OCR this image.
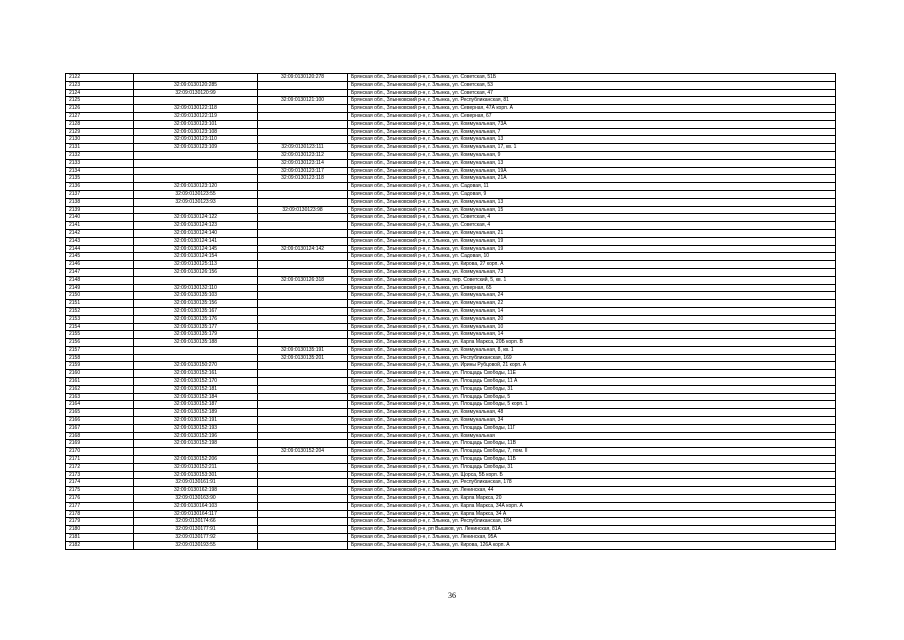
2122		32:09:0130120:278	Брянская обл., Злынковский р-н, г. Злынка, ул. Советская, 51Б
2123	32:09:0130120:285		Брянская обл., Злынковский р-н, г. Злынка, ул. Советская, 53
2124	32:09:0130120:99		Брянская обл., Злынковский р-н, г. Злынка, ул. Советская, 47
2125		32:09:0130121:100	Брянская обл., Злынковский р-н, г. Злынка, ул. Республиканская, 81
2126	32:09:0130122:118		Брянская обл., Злынковский р-н, г. Злынка, ул. Северная, 47А корп. А
2127	32:09:0130122:119		Брянская обл., Злынковский р-н, г. Злынка, ул. Северная, 67
2128	32:09:0130123:101		Брянская обл., Злынковский р-н, г. Злынка, ул. Коммунальная, 73А
2129	32:09:0130123:108		Брянская обл., Злынковский р-н, г. Злынка, ул. Коммунальная, 7
2130	32:09:0130123:110		Брянская обл., Злынковский р-н, г. Злынка, ул. Коммунальная, 13
2131	32:09:0130123:109	32:09:0130123:111	Брянская обл., Злынковский р-н, г. Злынка, ул. Коммунальная, 17, кв. 1
2132		32:09:0130123:112	Брянская обл., Злынковский р-н, г. Злынка, ул. Коммунальная, 9
2133		32:09:0130123:114	Брянская обл., Злынковский р-н, г. Злынка, ул. Коммунальная, 13
2134		32:09:0130123:117	Брянская обл., Злынковский р-н, г. Злынка, ул. Коммунальная, 19А
2135		32:09:0130123:118	Брянская обл., Злынковский р-н, г. Злынка, ул. Коммунальная, 21А
2136	32:09:0130123:120		Брянская обл., Злынковский р-н, г. Злынка, ул. Садовая, 11
2137	32:09:0130123:55		Брянская обл., Злынковский р-н, г. Злынка, ул. Садовая, 9
2138	32:09:0130123:93		Брянская обл., Злынковский р-н, г. Злынка, ул. Коммунальная, 13
2139		32:09:0130123:98	Брянская обл., Злынковский р-н, г. Злынка, ул. Коммунальная, 15
2140	32:09:0130124:122		Брянская обл., Злынковский р-н, г. Злынка, ул. Советская, 4
2141	32:09:0130124:123		Брянская обл., Злынковский р-н, г. Злынка, ул. Советская, 4
2142	32:09:0130124:140		Брянская обл., Злынковский р-н, г. Злынка, ул. Коммунальная, 21
2143	32:09:0130124:141		Брянская обл., Злынковский р-н, г. Злынка, ул. Коммунальная, 19
2144	32:09:0130124:145	32:09:0130124:142	Брянская обл., Злынковский р-н, г. Злынка, ул. Коммунальная, 19
2145	32:09:0130124:154		Брянская обл., Злынковский р-н, г. Злынка, ул. Садовая, 10
2146	32:09:0130125:113		Брянская обл., Злынковский р-н, г. Злынка, ул. Кирова, 27 корп. А
2147	32:09:0130126:156		Брянская обл., Злынковский р-н, г. Злынка, ул. Коммунальная, 73
2148		32:09:0130126:318	Брянская обл., Злынковский р-н, г. Злынка, пер. Советский, 5, кв. 1
2149	32:09:0130132:110		Брянская обл., Злынковский р-н, г. Злынка, ул. Северная, 65
2150	32:09:0130135:103		Брянская обл., Злынковский р-н, г. Злынка, ул. Коммунальная, 24
2151	32:09:0130135:156		Брянская обл., Злынковский р-н, г. Злынка, ул. Коммунальная, 22
2152	32:09:0130135:167		Брянская обл., Злынковский р-н, г. Злынка, ул. Коммунальная, 14
2153	32:09:0130135:176		Брянская обл., Злынковский р-н, г. Злынка, ул. Коммунальная, 20
2154	32:09:0130135:177		Брянская обл., Злынковский р-н, г. Злынка, ул. Коммунальная, 10
2155	32:09:0130135:179		Брянская обл., Злынковский р-н, г. Злынка, ул. Коммунальная, 14
2156	32:09:0130135:188		Брянская обл., Злынковский р-н, г. Злынка, ул. Карла Маркса, 20Б корп. В
2157		32:09:0130135:191	Брянская обл., Злынковский р-н, г. Злынка, ул. Коммунальная, 8, кв. 1
2158		32:09:0130135:201	Брянская обл., Злынковский р-н, г. Злынка, ул. Республиканская, 169
2159	32:09:0130150:270		Брянская обл., Злынковский р-н, г. Злынка, ул. Ирины Рубцовой, 21 корп. А
2160	32:09:0130152:161		Брянская обл., Злынковский р-н, г. Злынка, ул. Площадь Свободы, 11Е
2161	32:09:0130152:170		Брянская обл., Злынковский р-н, г. Злынка, ул. Площадь Свободы, 11 А
2162	32:09:0130152:181		Брянская обл., Злынковский р-н, г. Злынка, ул. Площадь Свободы, 31
2163	32:09:0130152:184		Брянская обл., Злынковский р-н, г. Злынка, ул. Площадь Свободы, 5
2164	32:09:0130152:187		Брянская обл., Злынковский р-н, г. Злынка, ул. Площадь Свободы, 5 корп. 1
2165	32:09:0130152:189		Брянская обл., Злынковский р-н, г. Злынка, ул. Коммунальная, 48
2166	32:09:0130152:191		Брянская обл., Злынковский р-н, г. Злынка, ул. Коммунальная, 34
2167	32:09:0130152:193		Брянская обл., Злынковский р-н, г. Злынка, ул. Площадь Свободы, 11Г
2168	32:09:0130152:196		Брянская обл., Злынковский р-н, г. Злынка, ул. Коммунальная
2169	32:09:0130152:198		Брянская обл., Злынковский р-н, г. Злынка, ул. Площадь Свободы, 11В
2170		32:09:0130152:204	Брянская обл., Злынковский р-н, г. Злынка, ул. Площадь Свободы, 7, пом. II
2171	32:09:0130152:206		Брянская обл., Злынковский р-н, г. Злынка, ул. Площадь Свободы, 11Б
2172	32:09:0130152:211		Брянская обл., Злынковский р-н, г. Злынка, ул. Площадь Свободы, 31
2173	32:09:0130153:301		Брянская обл., Злынковский р-н, г. Злынка, ул. Щорса, 5Б корп. Б
2174	32:09:0130161:91		Брянская обл., Злынковский р-н, г. Злынка, ул. Республиканская, 178
2175	32:09:0130162:198		Брянская обл., Злынковский р-н, г. Злынка, ул. Ленинская, 44
2176	32:09:0130163:90		Брянская обл., Злынковский р-н, г. Злынка, ул. Карла Маркса, 20
2177	32:09:0130164:103		Брянская обл., Злынковский р-н, г. Злынка, ул. Карла Маркса, 34А корп. А
2178	32:09:0130164:117		Брянская обл., Злынковский р-н, г. Злынка, ул. Карла Маркса, 34 А
2179	32:09:0130174:66		Брянская обл., Злынковский р-н, г. Злынка, ул. Республиканская, 184
2180	32:09:0130177:91		Брянская обл., Злынковский р-н, рп Вышков, ул. Ленинская, 81А
2181	32:09:0130177:92		Брянская обл., Злынковский р-н, г. Злынка, ул. Ленинская, 95А
2182	32:09:0130193:55		Брянская обл., Злынковский р-н, г. Злынка, ул. Кирова, 126А корп. А
36
